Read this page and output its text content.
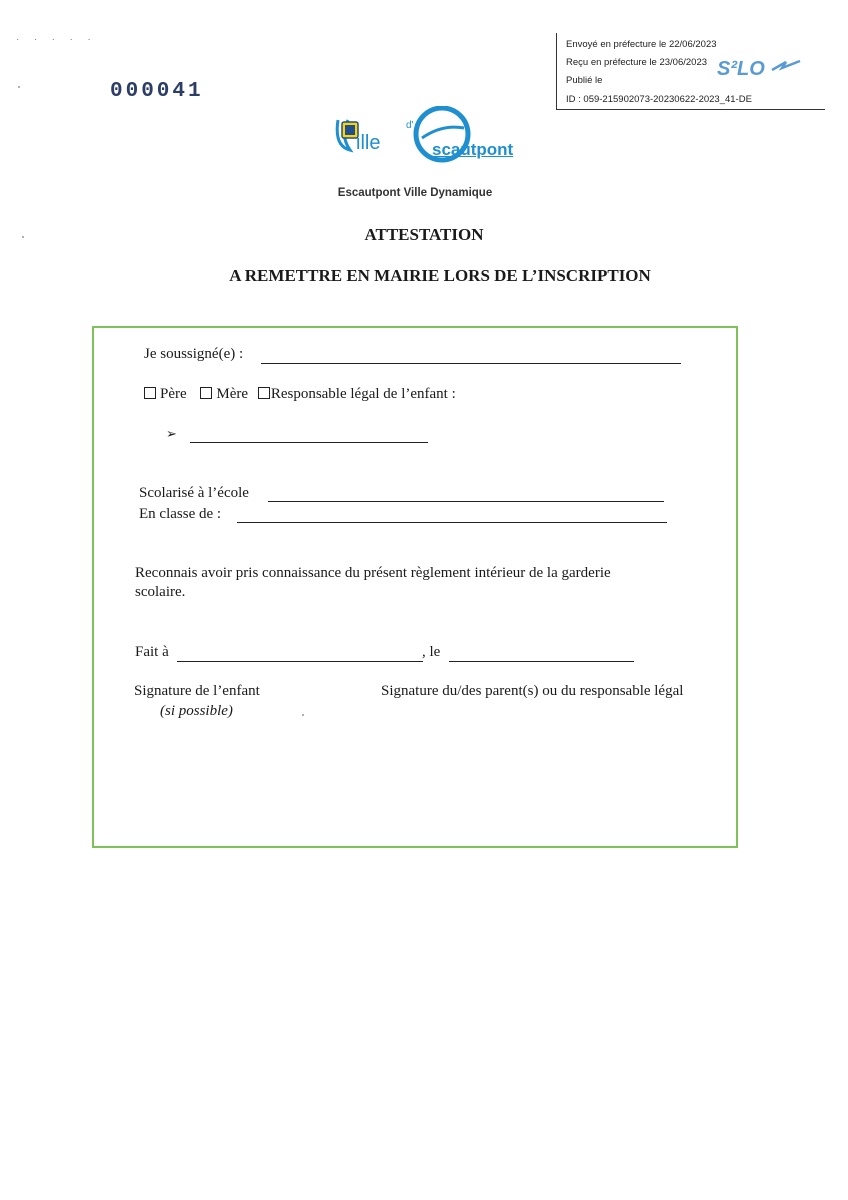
˙ ˙ ˙ ˙ ˙	Envoyé en préfecture le 22/06/2023
Reçu en préfecture le 23/06/2023
Publié le
ID : 059-215902073-20230622-2023_41-DE
S²LO
000041
ille
d'
scautpont
Escautpont Ville Dynamique
ATTESTATION
A REMETTRE EN MAIRIE LORS DE L’INSCRIPTION
Je soussigné(e) :
Père Mère Responsable légal de l’enfant :
➢
Scolarisé à l’école
En classe de :
Reconnais avoir pris connaissance du présent règlement intérieur de la garderie
scolaire.
Fait à	, le
Signature de l’enfant
(si possible)
Signature du/des parent(s) ou du responsable légal
